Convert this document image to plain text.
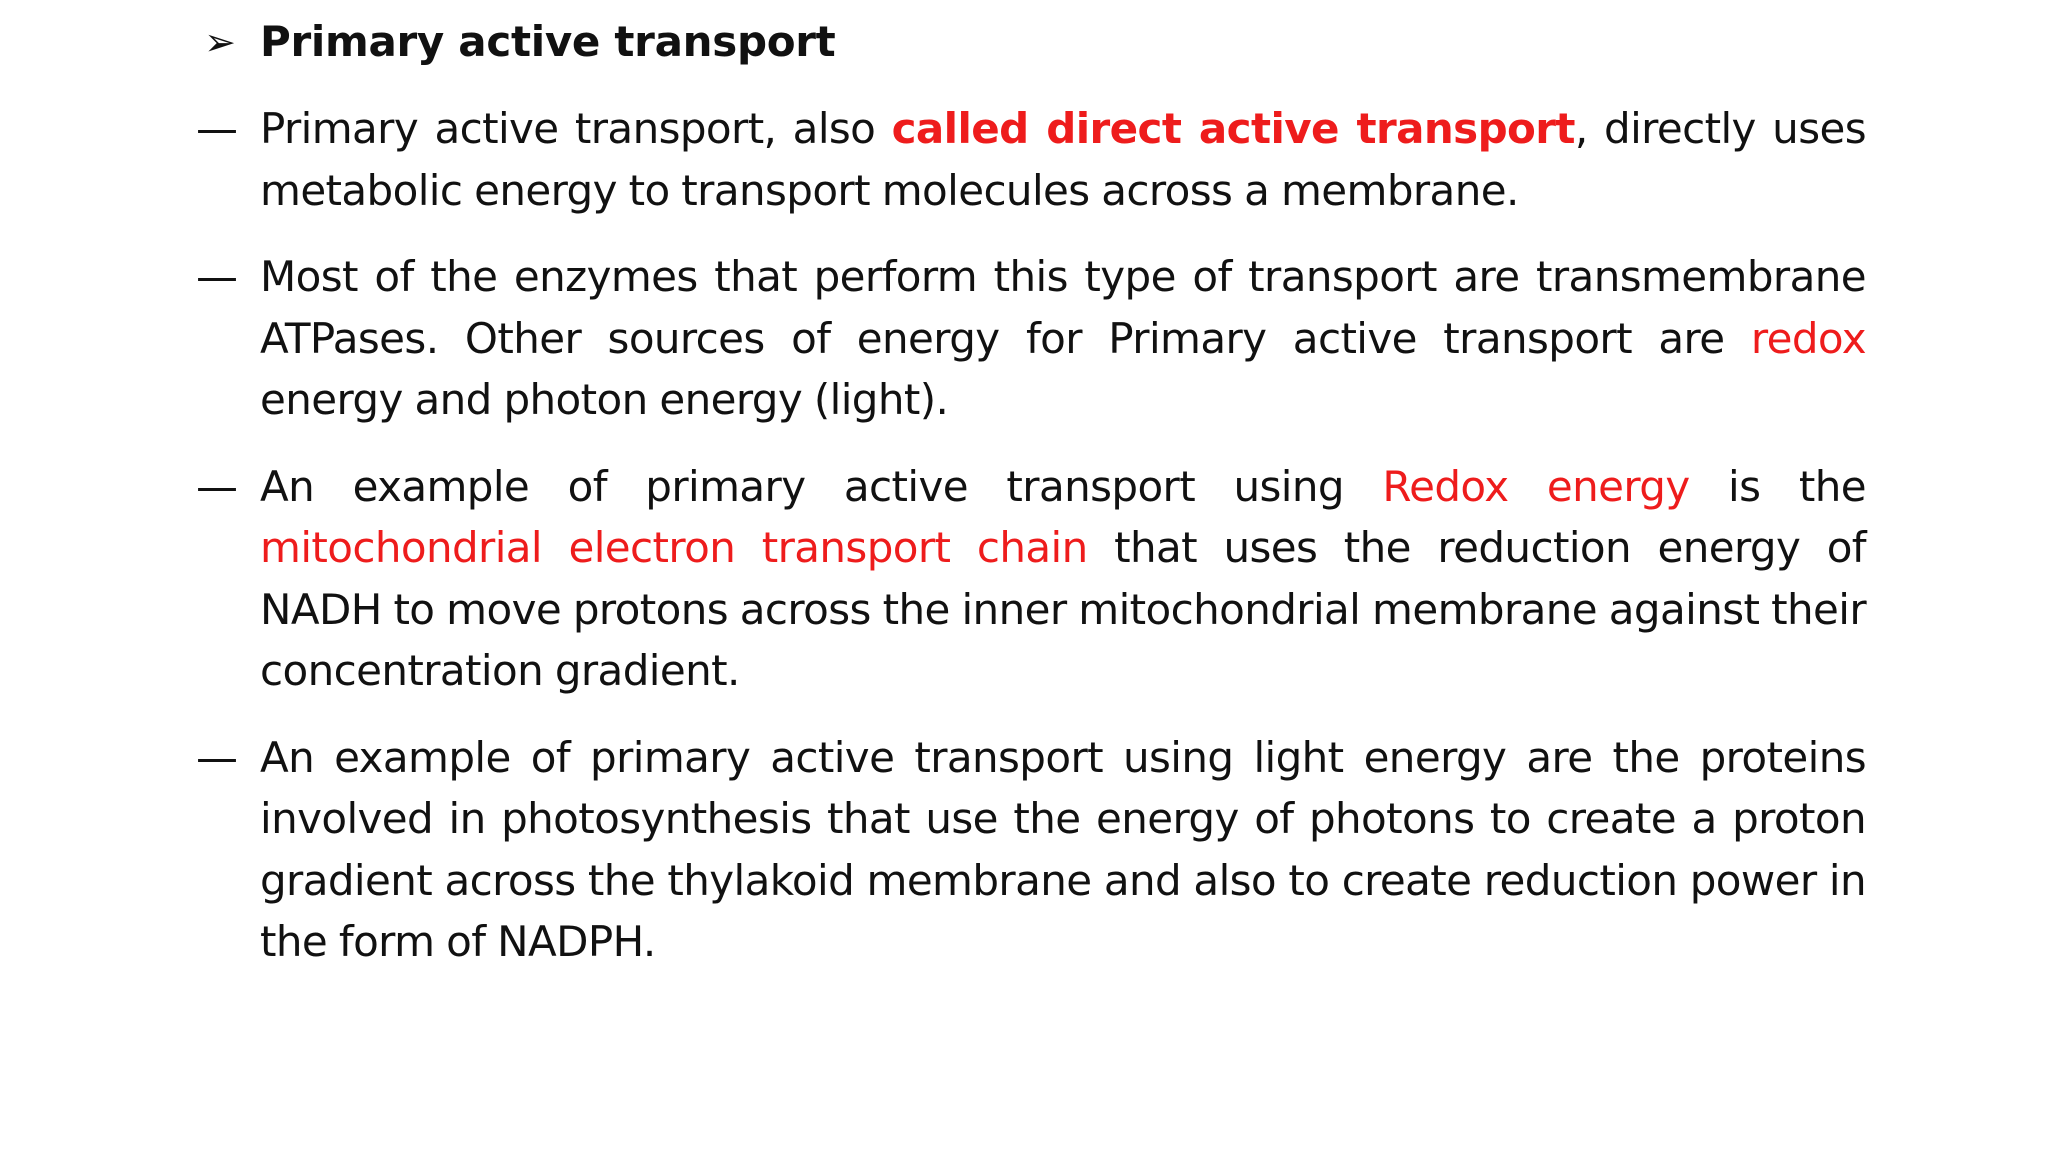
➢ Primary active transport
— Primary active transport, also called direct active transport, directly uses metabolic energy to transport molecules across a membrane.
— Most of the enzymes that perform this type of transport are transmembrane ATPases. Other sources of energy for Primary active transport are redox energy and photon energy (light).
— An example of primary active transport using Redox energy is the mitochondrial electron transport chain that uses the reduction energy of NADH to move protons across the inner mitochondrial membrane against their concentration gradient.
— An example of primary active transport using light energy are the proteins involved in photosynthesis that use the energy of photons to create a proton gradient across the thylakoid membrane and also to create reduction power in the form of NADPH.
